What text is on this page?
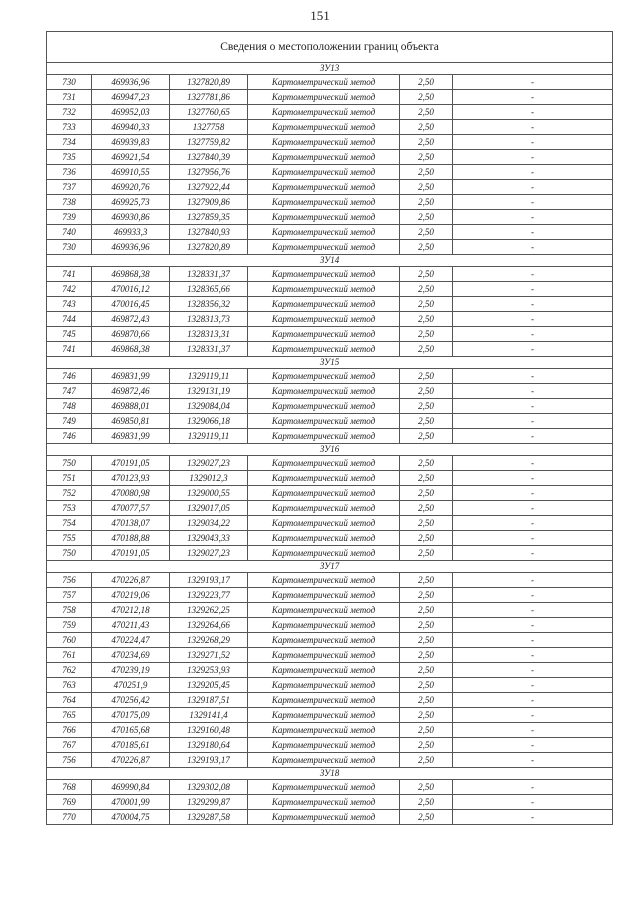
151
Сведения о местоположении границ объекта					
ЗУ13					
730	469936,96	1327820,89	Картометрический метод	2,50	-
731	469947,23	1327781,86	Картометрический метод	2,50	-
732	469952,03	1327760,65	Картометрический метод	2,50	-
733	469940,33	1327758	Картометрический метод	2,50	-
734	469939,83	1327759,82	Картометрический метод	2,50	-
735	469921,54	1327840,39	Картометрический метод	2,50	-
736	469910,55	1327956,76	Картометрический метод	2,50	-
737	469920,76	1327922,44	Картометрический метод	2,50	-
738	469925,73	1327909,86	Картометрический метод	2,50	-
739	469930,86	1327859,35	Картометрический метод	2,50	-
740	469933,3	1327840,93	Картометрический метод	2,50	-
730	469936,96	1327820,89	Картометрический метод	2,50	-
ЗУ14					
741	469868,38	1328331,37	Картометрический метод	2,50	-
742	470016,12	1328365,66	Картометрический метод	2,50	-
743	470016,45	1328356,32	Картометрический метод	2,50	-
744	469872,43	1328313,73	Картометрический метод	2,50	-
745	469870,66	1328313,31	Картометрический метод	2,50	-
741	469868,38	1328331,37	Картометрический метод	2,50	-
ЗУ15					
746	469831,99	1329119,11	Картометрический метод	2,50	-
747	469872,46	1329131,19	Картометрический метод	2,50	-
748	469888,01	1329084,04	Картометрический метод	2,50	-
749	469850,81	1329066,18	Картометрический метод	2,50	-
746	469831,99	1329119,11	Картометрический метод	2,50	-
ЗУ16					
750	470191,05	1329027,23	Картометрический метод	2,50	-
751	470123,93	1329012,3	Картометрический метод	2,50	-
752	470080,98	1329000,55	Картометрический метод	2,50	-
753	470077,57	1329017,05	Картометрический метод	2,50	-
754	470138,07	1329034,22	Картометрический метод	2,50	-
755	470188,88	1329043,33	Картометрический метод	2,50	-
750	470191,05	1329027,23	Картометрический метод	2,50	-
ЗУ17					
756	470226,87	1329193,17	Картометрический метод	2,50	-
757	470219,06	1329223,77	Картометрический метод	2,50	-
758	470212,18	1329262,25	Картометрический метод	2,50	-
759	470211,43	1329264,66	Картометрический метод	2,50	-
760	470224,47	1329268,29	Картометрический метод	2,50	-
761	470234,69	1329271,52	Картометрический метод	2,50	-
762	470239,19	1329253,93	Картометрический метод	2,50	-
763	470251,9	1329205,45	Картометрический метод	2,50	-
764	470256,42	1329187,51	Картометрический метод	2,50	-
765	470175,09	1329141,4	Картометрический метод	2,50	-
766	470165,68	1329160,48	Картометрический метод	2,50	-
767	470185,61	1329180,64	Картометрический метод	2,50	-
756	470226,87	1329193,17	Картометрический метод	2,50	-
ЗУ18					
768	469990,84	1329302,08	Картометрический метод	2,50	-
769	470001,99	1329299,87	Картометрический метод	2,50	-
770	470004,75	1329287,58	Картометрический метод	2,50	-
